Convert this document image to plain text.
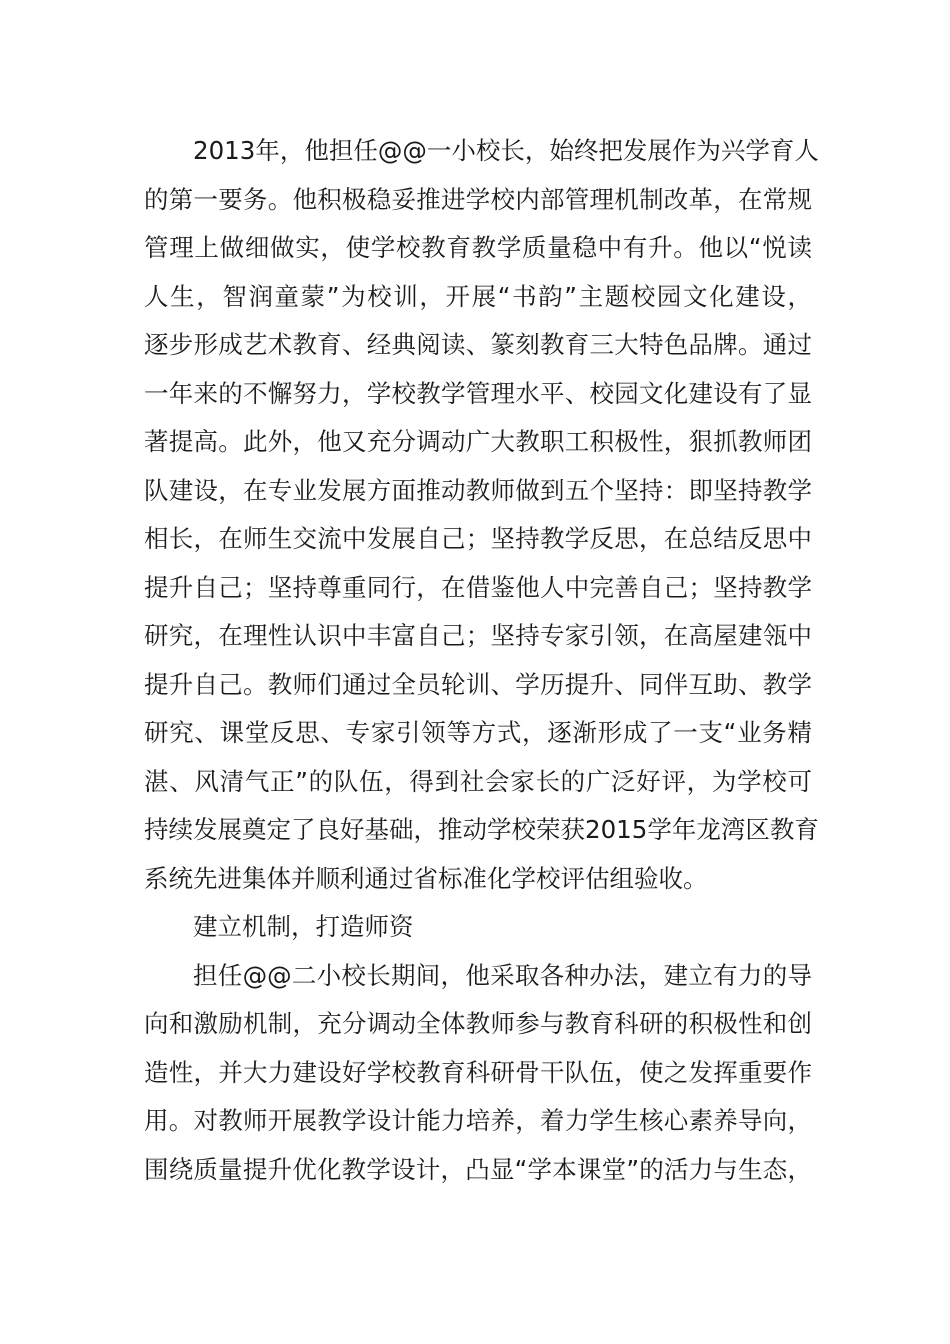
2013年，他担任@@一小校长，始终把发展作为兴学育人
的第一要务。他积极稳妥推进学校内部管理机制改革，在常规
管理上做细做实，使学校教育教学质量稳中有升。他以“悦读
人生，智润童蒙”为校训，开展“书韵”主题校园文化建设，
逐步形成艺术教育、经典阅读、篆刻教育三大特色品牌。通过
一年来的不懈努力，学校教学管理水平、校园文化建设有了显
著提高。此外，他又充分调动广大教职工积极性，狠抓教师团
队建设，在专业发展方面推动教师做到五个坚持：即坚持教学
相长，在师生交流中发展自己；坚持教学反思，在总结反思中
提升自己；坚持尊重同行，在借鉴他人中完善自己；坚持教学
研究，在理性认识中丰富自己；坚持专家引领，在高屋建瓴中
提升自己。教师们通过全员轮训、学历提升、同伴互助、教学
研究、课堂反思、专家引领等方式，逐渐形成了一支“业务精
湛、风清气正”的队伍，得到社会家长的广泛好评，为学校可
持续发展奠定了良好基础，推动学校荣获2015学年龙湾区教育
系统先进集体并顺利通过省标准化学校评估组验收。
建立机制，打造师资
担任@@二小校长期间，他采取各种办法，建立有力的导
向和激励机制，充分调动全体教师参与教育科研的积极性和创
造性，并大力建设好学校教育科研骨干队伍，使之发挥重要作
用。对教师开展教学设计能力培养，着力学生核心素养导向，
围绕质量提升优化教学设计，凸显“学本课堂”的活力与生态，
